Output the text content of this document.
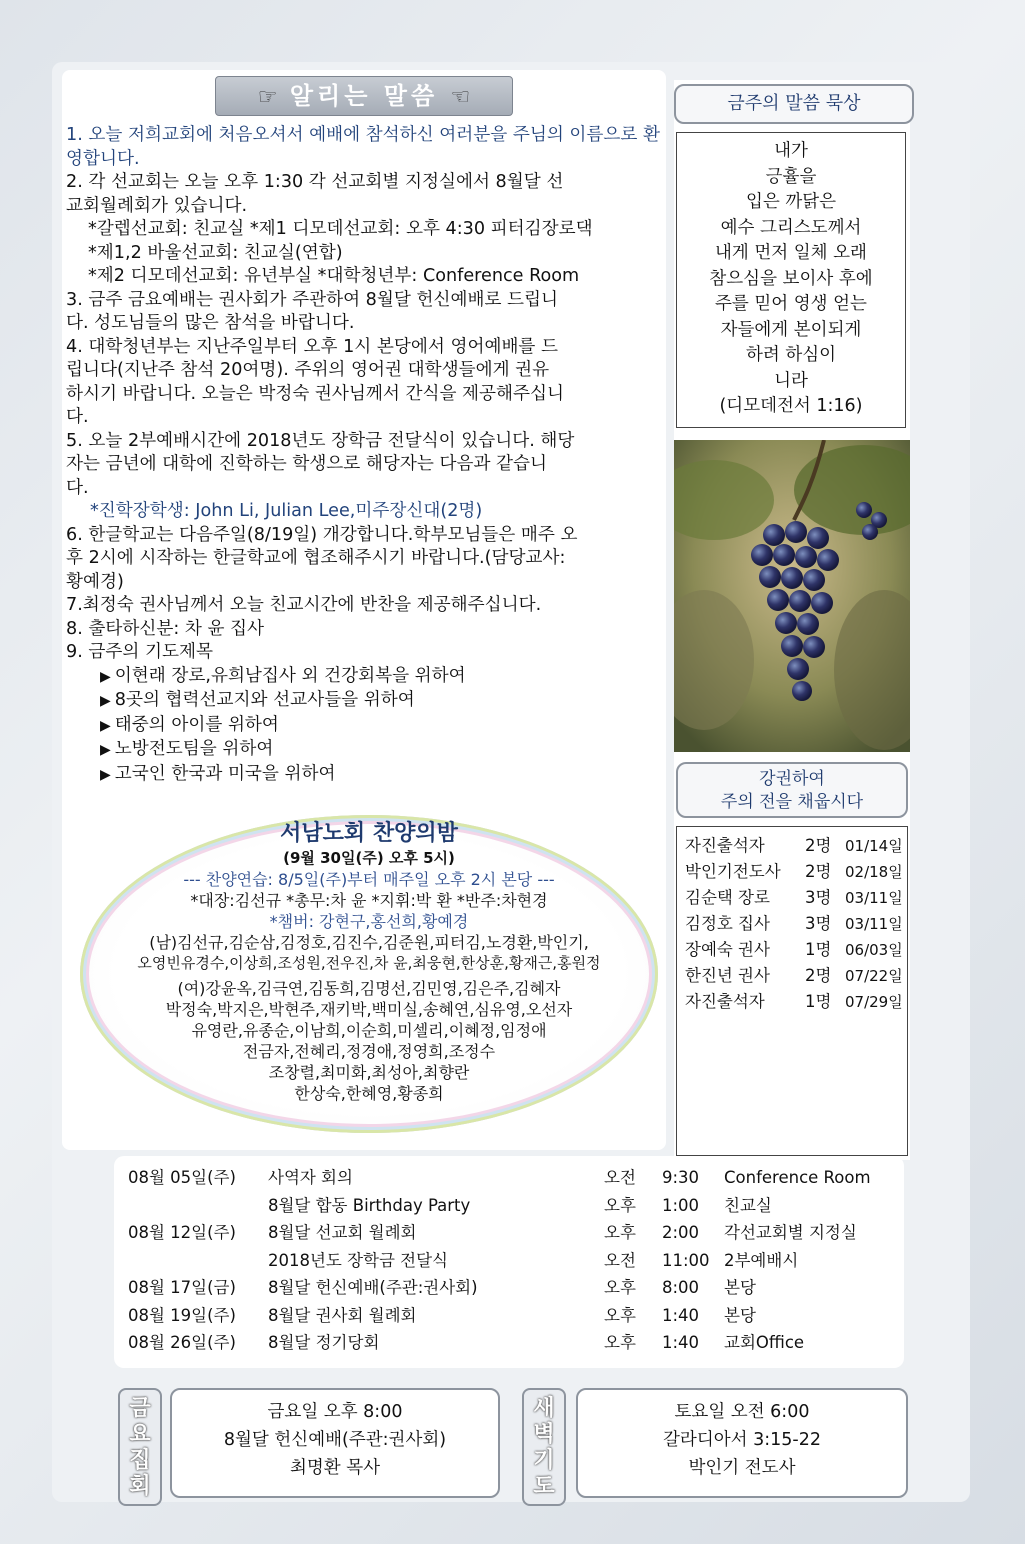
☞ 알리는 말씀 ☜

1. 오늘 저희교회에 처음오셔서 예배에 참석하신 여러분을 주님의 이름으로 환영합니다.

2. 각 선교회는 오늘 오후 1:30 각 선교회별 지정실에서 8월달 선

교회월례회가 있습니다.

*갈렙선교회: 친교실 *제1 디모데선교회: 오후 4:30 피터김장로댁

*제1,2 바울선교회: 친교실(연합)

*제2 디모데선교회: 유년부실 *대학청년부: Conference Room

3. 금주 금요예배는 권사회가 주관하여 8월달 헌신예배로 드립니

다. 성도님들의 많은 참석을 바랍니다.

4. 대학청년부는 지난주일부터 오후 1시 본당에서 영어예배를 드

립니다(지난주 참석 20여명). 주위의 영어권 대학생들에게 권유

하시기 바랍니다. 오늘은 박정숙 권사님께서 간식을 제공해주십니

다.

5. 오늘 2부예배시간에 2018년도 장학금 전달식이 있습니다. 해당

자는 금년에 대학에 진학하는 학생으로 해당자는 다음과 같습니

다.

*진학장학생: John Li, Julian Lee,미주장신대(2명)

6. 한글학교는 다음주일(8/19일) 개강합니다.학부모님들은 매주 오

후 2시에 시작하는 한글학교에 협조해주시기 바랍니다.(담당교사:

황예경)

7.최정숙 권사님께서 오늘 친교시간에 반찬을 제공해주십니다.

8. 출타하신분: 차 윤 집사

9. 금주의 기도제목

▶ 이현래 장로,유희남집사 외 건강회복을 위하여

▶ 8곳의 협력선교지와 선교사들을 위하여

▶ 태중의 아이를 위하여

▶ 노방전도팀을 위하여

▶ 고국인 한국과 미국을 위하여

서남노회 찬양의밤
(9월 30일(주) 오후 5시)
--- 찬양연습: 8/5일(주)부터 매주일 오후 2시 본당 ---
*대장:김선규 *총무:차 윤 *지휘:박 환 *반주:차현경
*챔버: 강현구,홍선희,황예경
(남)김선규,김순삼,김정호,김진수,김준원,피터김,노경환,박인기,
오영빈유경수,이상희,조성원,전우진,차 윤,최웅현,한상훈,황재근,홍원정
(여)강윤옥,김극연,김동희,김명선,김민영,김은주,김혜자
박정숙,박지은,박현주,재키박,백미실,송혜연,심유영,오선자
유영란,유종순,이남희,이순희,미셀리,이혜정,임정애
전금자,전혜리,정경애,정영희,조정수
조창렬,최미화,최성아,최향란
한상숙,한혜영,황종희
금주의 말씀 묵상
내가
긍휼을
입은 까닭은
예수 그리스도께서
내게 먼저 일체 오래
참으심을 보이사 후에
주를 믿어 영생 얻는
자들에게 본이되게
하려 하심이
니라
(디모데전서 1:16)
강권하여
주의 전을 채웁시다
자진출석자	2명 01/14일
박인기전도사	2명 02/18일
김순택 장로	3명 03/11일
김정호 집사	3명 03/11일
장예숙 권사	1명 06/03일
한진년 권사	2명 07/22일
자진출석자	1명 07/29일
08월 05일(주) 사역자 회의	오전 9:30 Conference Room
8월달 합동 Birthday Party	오후 1:00 친교실
08월 12일(주) 8월달 선교회 월례회	오후 2:00 각선교회별 지정실
2018년도 장학금 전달식	오전 11:00 2부예배시
08월 17일(금) 8월달 헌신예배(주관:권사회)	오후 8:00 본당
08월 19일(주) 8월달 권사회 월례회	오후 1:40 본당
08월 26일(주) 8월달 정기당회	오후 1:40 교회Office
금
요
집
회
금요일 오후 8:00
8월달 헌신예배(주관:권사회)
최명환 목사
새
벽
기
도
토요일 오전 6:00
갈라디아서 3:15-22
박인기 전도사
